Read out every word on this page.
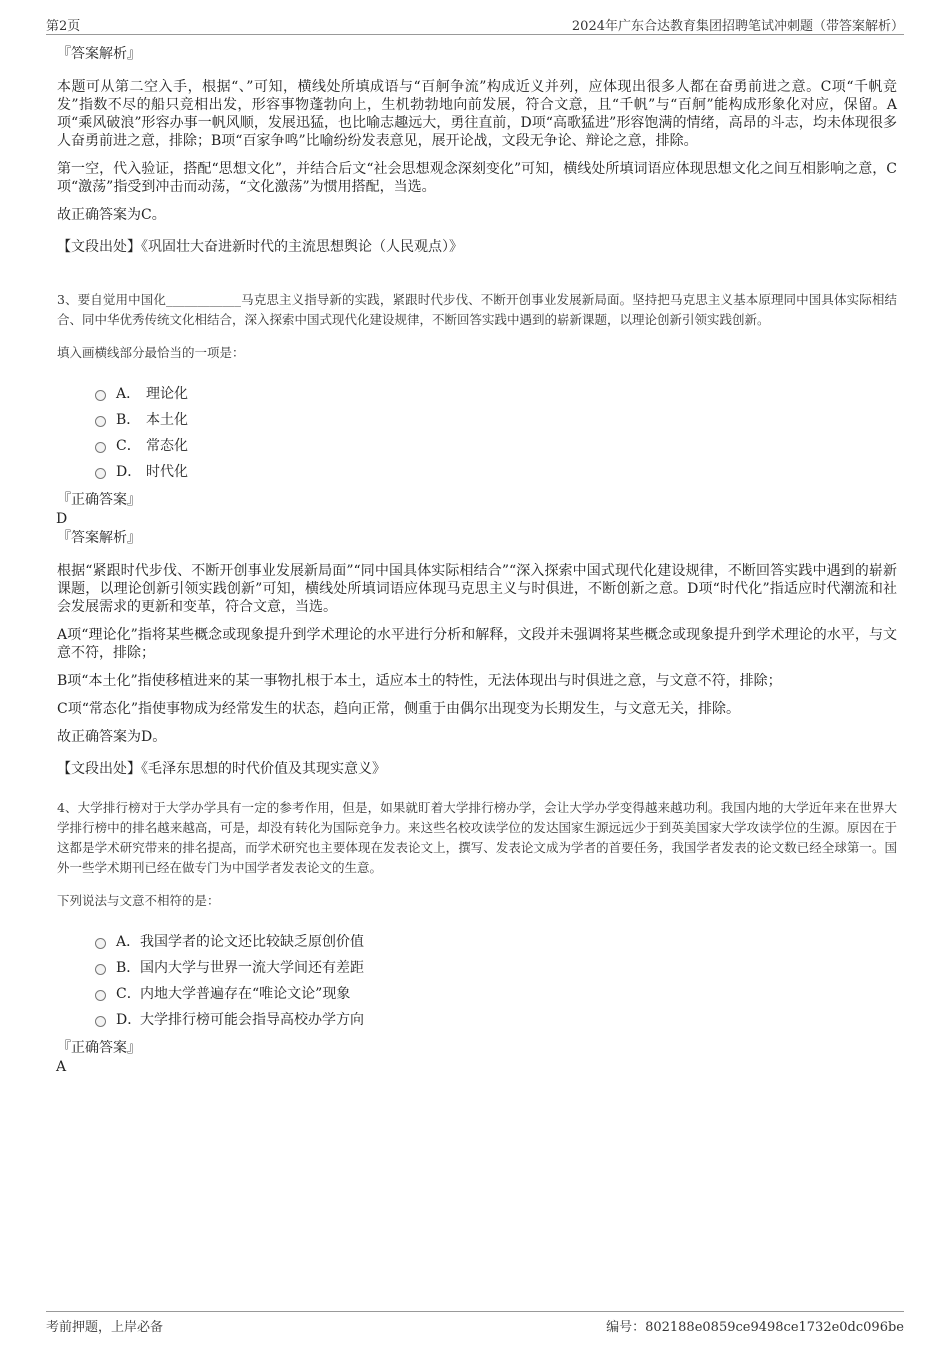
第2页	2024年广东合达教育集团招聘笔试冲刺题（带答案解析）

『答案解析』

本题可从第二空入手，根据“、”可知，横线处所填成语与“百舸争流”构成近义并列，应体现出很多人都在奋勇前进之意。C项“千帆竞发”指数不尽的船只竞相出发，形容事物蓬勃向上，生机勃勃地向前发展，符合文意，且“千帆”与“百舸”能构成形象化对应，保留。A项“乘风破浪”形容办事一帆风顺，发展迅猛，也比喻志趣远大，勇往直前，D项“高歌猛进”形容饱满的情绪，高昂的斗志，均未体现很多人奋勇前进之意，排除；B项“百家争鸣”比喻纷纷发表意见，展开论战，文段无争论、辩论之意，排除。

第一空，代入验证，搭配“思想文化”，并结合后文“社会思想观念深刻变化”可知，横线处所填词语应体现思想文化之间互相影响之意，C项“激荡”指受到冲击而动荡，“文化激荡”为惯用搭配，当选。

故正确答案为C。

【文段出处】《巩固壮大奋进新时代的主流思想舆论（人民观点）》

3、要自觉用中国化____________马克思主义指导新的实践，紧跟时代步伐、不断开创事业发展新局面。坚持把马克思主义基本原理同中国具体实际相结合、同中华优秀传统文化相结合，深入探索中国式现代化建设规律，不断回答实践中遇到的崭新课题，以理论创新引领实践创新。

填入画横线部分最恰当的一项是：

A． 理论化
B． 本土化
C． 常态化
D． 时代化

『正确答案』

D

『答案解析』

根据“紧跟时代步伐、不断开创事业发展新局面”“同中国具体实际相结合”“深入探索中国式现代化建设规律，不断回答实践中遇到的崭新课题，以理论创新引领实践创新”可知，横线处所填词语应体现马克思主义与时俱进，不断创新之意。D项“时代化”指适应时代潮流和社会发展需求的更新和变革，符合文意，当选。

A项“理论化”指将某些概念或现象提升到学术理论的水平进行分析和解释，文段并未强调将某些概念或现象提升到学术理论的水平，与文意不符，排除；

B项“本土化”指使移植进来的某一事物扎根于本土，适应本土的特性，无法体现出与时俱进之意，与文意不符，排除；

C项“常态化”指使事物成为经常发生的状态，趋向正常，侧重于由偶尔出现变为长期发生，与文意无关，排除。

故正确答案为D。

【文段出处】《毛泽东思想的时代价值及其现实意义》

4、大学排行榜对于大学办学具有一定的参考作用，但是，如果就盯着大学排行榜办学，会让大学办学变得越来越功利。我国内地的大学近年来在世界大学排行榜中的排名越来越高，可是，却没有转化为国际竞争力。来这些名校攻读学位的发达国家生源远远少于到英美国家大学攻读学位的生源。原因在于这都是学术研究带来的排名提高，而学术研究也主要体现在发表论文上，撰写、发表论文成为学者的首要任务，我国学者发表的论文数已经全球第一。国外一些学术期刊已经在做专门为中国学者发表论文的生意。

下列说法与文意不相符的是：

A． 我国学者的论文还比较缺乏原创价值
B． 国内大学与世界一流大学间还有差距
C． 内地大学普遍存在“唯论文论”现象
D．
大学排行榜可能会指导高校办学方向

『正确答案』

A

考前押题，上岸必备	编号：802188e0859ce9498ce1732e0dc096be
